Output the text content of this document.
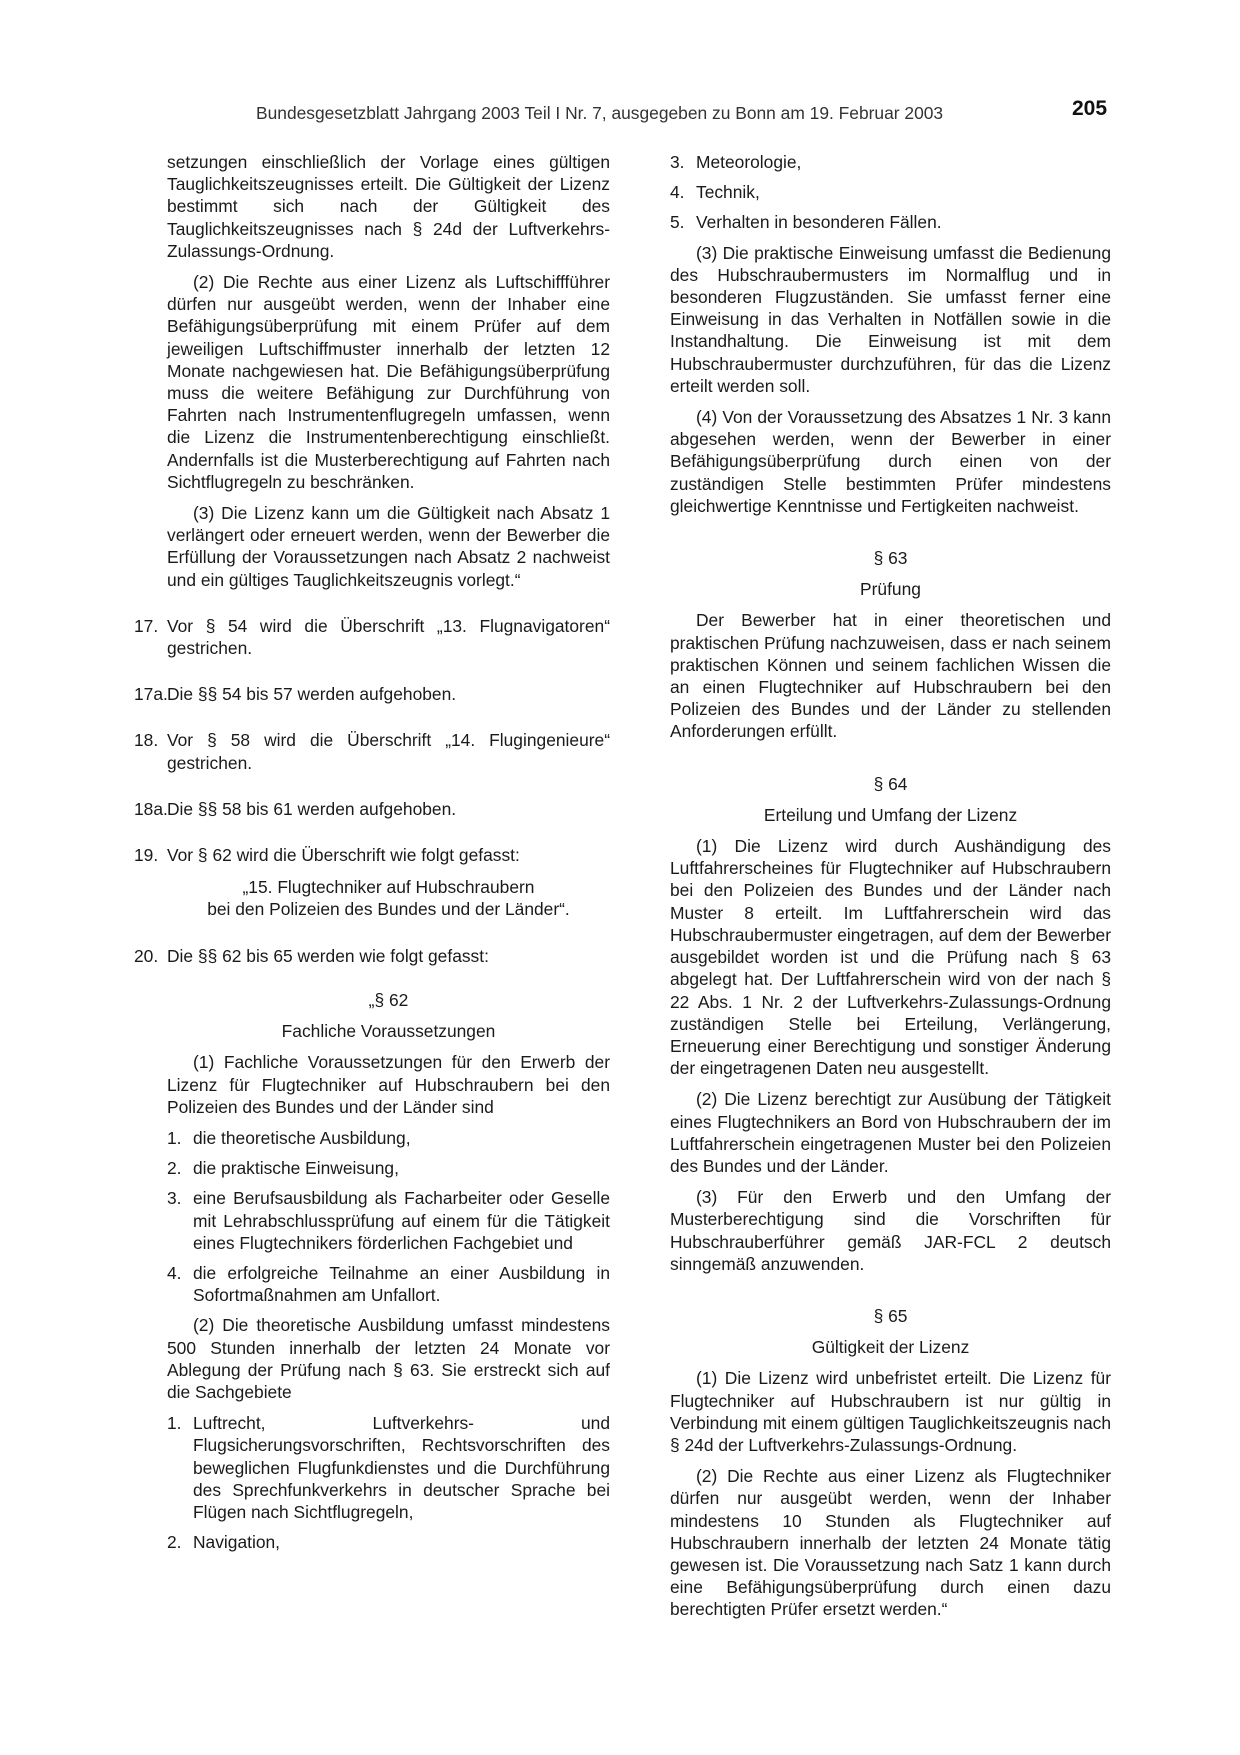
Bundesgesetzblatt Jahrgang 2003 Teil I Nr. 7, ausgegeben zu Bonn am 19. Februar 2003	205

setzungen einschließlich der Vorlage eines gültigen Tauglichkeitszeugnisses erteilt. Die Gültigkeit der Lizenz bestimmt sich nach der Gültigkeit des Tauglichkeitszeugnisses nach § 24d der Luftverkehrs-Zulassungs-Ordnung.

(2) Die Rechte aus einer Lizenz als Luftschiffführer dürfen nur ausgeübt werden, wenn der Inhaber eine Befähigungsüberprüfung mit einem Prüfer auf dem jeweiligen Luftschiffmuster innerhalb der letzten 12 Monate nachgewiesen hat. Die Befähigungsüberprüfung muss die weitere Befähigung zur Durchführung von Fahrten nach Instrumentenflugregeln umfassen, wenn die Lizenz die Instrumentenberechtigung einschließt. Andernfalls ist die Musterberechtigung auf Fahrten nach Sichtflugregeln zu beschränken.

(3) Die Lizenz kann um die Gültigkeit nach Absatz 1 verlängert oder erneuert werden, wenn der Bewerber die Erfüllung der Voraussetzungen nach Absatz 2 nachweist und ein gültiges Tauglichkeitszeugnis vorlegt.“

17. Vor § 54 wird die Überschrift „13. Flugnavigatoren“ gestrichen.
17a. Die §§ 54 bis 57 werden aufgehoben.
18. Vor § 58 wird die Überschrift „14. Flugingenieure“ gestrichen.
18a. Die §§ 58 bis 61 werden aufgehoben.
19. Vor § 62 wird die Überschrift wie folgt gefasst:
„15. Flugtechniker auf Hubschraubern
bei den Polizeien des Bundes und der Länder“.
20. Die §§ 62 bis 65 werden wie folgt gefasst:
„§ 62
Fachliche Voraussetzungen

(1) Fachliche Voraussetzungen für den Erwerb der Lizenz für Flugtechniker auf Hubschraubern bei den Polizeien des Bundes und der Länder sind

1. die theoretische Ausbildung,
2. die praktische Einweisung,
3. eine Berufsausbildung als Facharbeiter oder Geselle mit Lehrabschlussprüfung auf einem für die Tätigkeit eines Flugtechnikers förderlichen Fachgebiet und
4. die erfolgreiche Teilnahme an einer Ausbildung in Sofortmaßnahmen am Unfallort.

(2) Die theoretische Ausbildung umfasst mindestens 500 Stunden innerhalb der letzten 24 Monate vor Ablegung der Prüfung nach § 63. Sie erstreckt sich auf die Sachgebiete

1. Luftrecht, Luftverkehrs- und Flugsicherungsvorschriften, Rechtsvorschriften des beweglichen Flugfunkdienstes und die Durchführung des Sprechfunkverkehrs in deutscher Sprache bei Flügen nach Sichtflugregeln,
2. Navigation,
3. Meteorologie,
4. Technik,
5. Verhalten in besonderen Fällen.

(3) Die praktische Einweisung umfasst die Bedienung des Hubschraubermusters im Normalflug und in besonderen Flugzuständen. Sie umfasst ferner eine Einweisung in das Verhalten in Notfällen sowie in die Instandhaltung. Die Einweisung ist mit dem Hubschraubermuster durchzuführen, für das die Lizenz erteilt werden soll.

(4) Von der Voraussetzung des Absatzes 1 Nr. 3 kann abgesehen werden, wenn der Bewerber in einer Befähigungsüberprüfung durch einen von der zuständigen Stelle bestimmten Prüfer mindestens gleichwertige Kenntnisse und Fertigkeiten nachweist.

§ 63
Prüfung

Der Bewerber hat in einer theoretischen und praktischen Prüfung nachzuweisen, dass er nach seinem praktischen Können und seinem fachlichen Wissen die an einen Flugtechniker auf Hubschraubern bei den Polizeien des Bundes und der Länder zu stellenden Anforderungen erfüllt.

§ 64
Erteilung und Umfang der Lizenz

(1) Die Lizenz wird durch Aushändigung des Luftfahrerscheines für Flugtechniker auf Hubschraubern bei den Polizeien des Bundes und der Länder nach Muster 8 erteilt. Im Luftfahrerschein wird das Hubschraubermuster eingetragen, auf dem der Bewerber ausgebildet worden ist und die Prüfung nach § 63 abgelegt hat. Der Luftfahrerschein wird von der nach § 22 Abs. 1 Nr. 2 der Luftverkehrs-Zulassungs-Ordnung zuständigen Stelle bei Erteilung, Verlängerung, Erneuerung einer Berechtigung und sonstiger Änderung der eingetragenen Daten neu ausgestellt.

(2) Die Lizenz berechtigt zur Ausübung der Tätigkeit eines Flugtechnikers an Bord von Hubschraubern der im Luftfahrerschein eingetragenen Muster bei den Polizeien des Bundes und der Länder.

(3) Für den Erwerb und den Umfang der Musterberechtigung sind die Vorschriften für Hubschrauberführer gemäß JAR-FCL 2 deutsch sinngemäß anzuwenden.

§ 65
Gültigkeit der Lizenz

(1) Die Lizenz wird unbefristet erteilt. Die Lizenz für Flugtechniker auf Hubschraubern ist nur gültig in Verbindung mit einem gültigen Tauglichkeitszeugnis nach § 24d der Luftverkehrs-Zulassungs-Ordnung.

(2) Die Rechte aus einer Lizenz als Flugtechniker dürfen nur ausgeübt werden, wenn der Inhaber mindestens 10 Stunden als Flugtechniker auf Hubschraubern innerhalb der letzten 24 Monate tätig gewesen ist. Die Voraussetzung nach Satz 1 kann durch eine Befähigungsüberprüfung durch einen dazu berechtigten Prüfer ersetzt werden.“
